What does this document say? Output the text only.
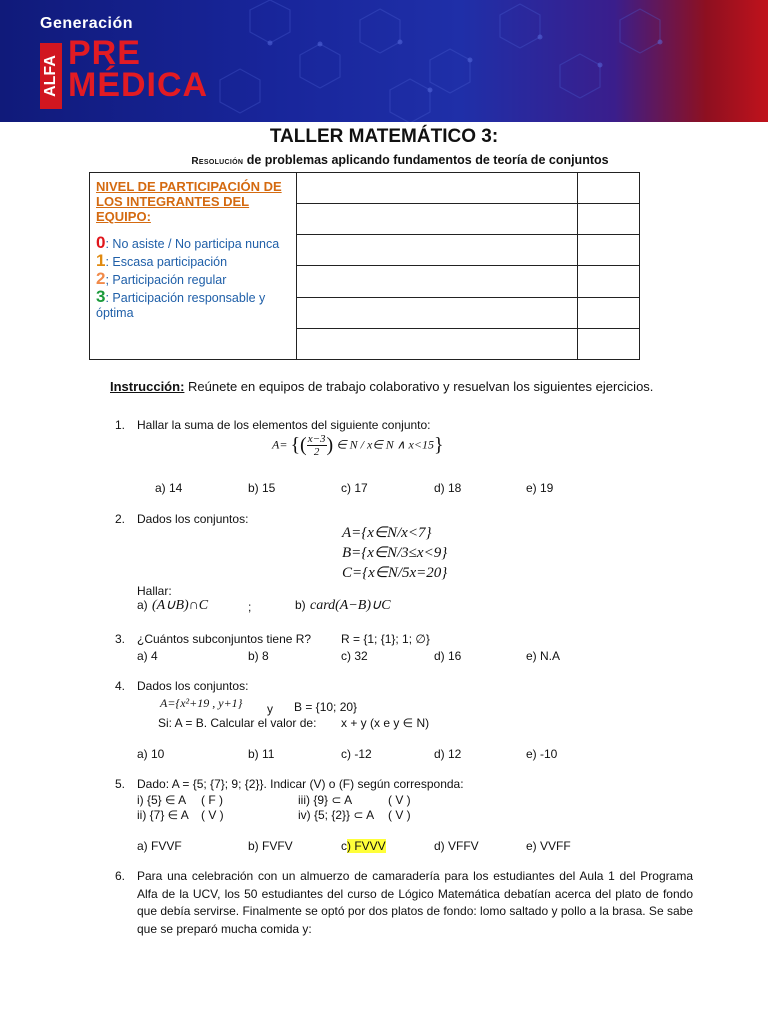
Generación
ALFA
PRE
MÉDICA
TALLER MATEMÁTICO 3:
Resolución de problemas aplicando fundamentos de teoría de conjuntos
NIVEL DE PARTICIPACIÓN DE LOS INTEGRANTES DEL EQUIPO:
0: No asiste / No participa nunca
1: Escasa participación
2; Participación regular
3: Participación responsable y óptima		

Instrucción: Reúnete en equipos de trabajo colaborativo y resuelvan los siguientes ejercicios.
1. Hallar la suma de los elementos del siguiente conjunto:
A= {( $\frac{x-3}{2}$ ) ∈ N / x∈ N ∧ x<15}
a) 14	b) 15	c) 17	d) 18	e) 19
2. Dados los conjuntos:
A={x∈N/x<7}
B={x∈N/3≤x<9}
C={x∈N/5x=20}
Hallar:
a) (A∪B)∩C	;	b) card(A−B)∪C
3. ¿Cuántos subconjuntos tiene R? R = {1; {1}; 1; ∅}
a) 4	b) 8	c) 32	d) 16	e) N.A
4. Dados los conjuntos:
A={x²+19 , y+1} y B = {10; 20}
Si: A = B. Calcular el valor de: x + y (x e y ∈ N)
a) 10	b) 11	c) -12	d) 12	e) -10
5. Dado: A = {5; {7}; 9; {2}}. Indicar (V) o (F) según corresponda:
i) {5} ∈ A ( F )	iii) {9} ⊂ A	( V )
ii) {7} ∈ A ( V )	iv) {5; {2}} ⊂ A ( V )
a) FVVF	b) FVFV	c) FVVV	d) VFFV	e) VVFF
6. Para una celebración con un almuerzo de camaradería para los estudiantes del Aula 1 del Programa Alfa de la UCV, los 50 estudiantes del curso de Lógico Matemática debatían acerca del plato de fondo que debía servirse. Finalmente se optó por dos platos de fondo: lomo saltado y pollo a la brasa. Se sabe que se preparó mucha comida y:
